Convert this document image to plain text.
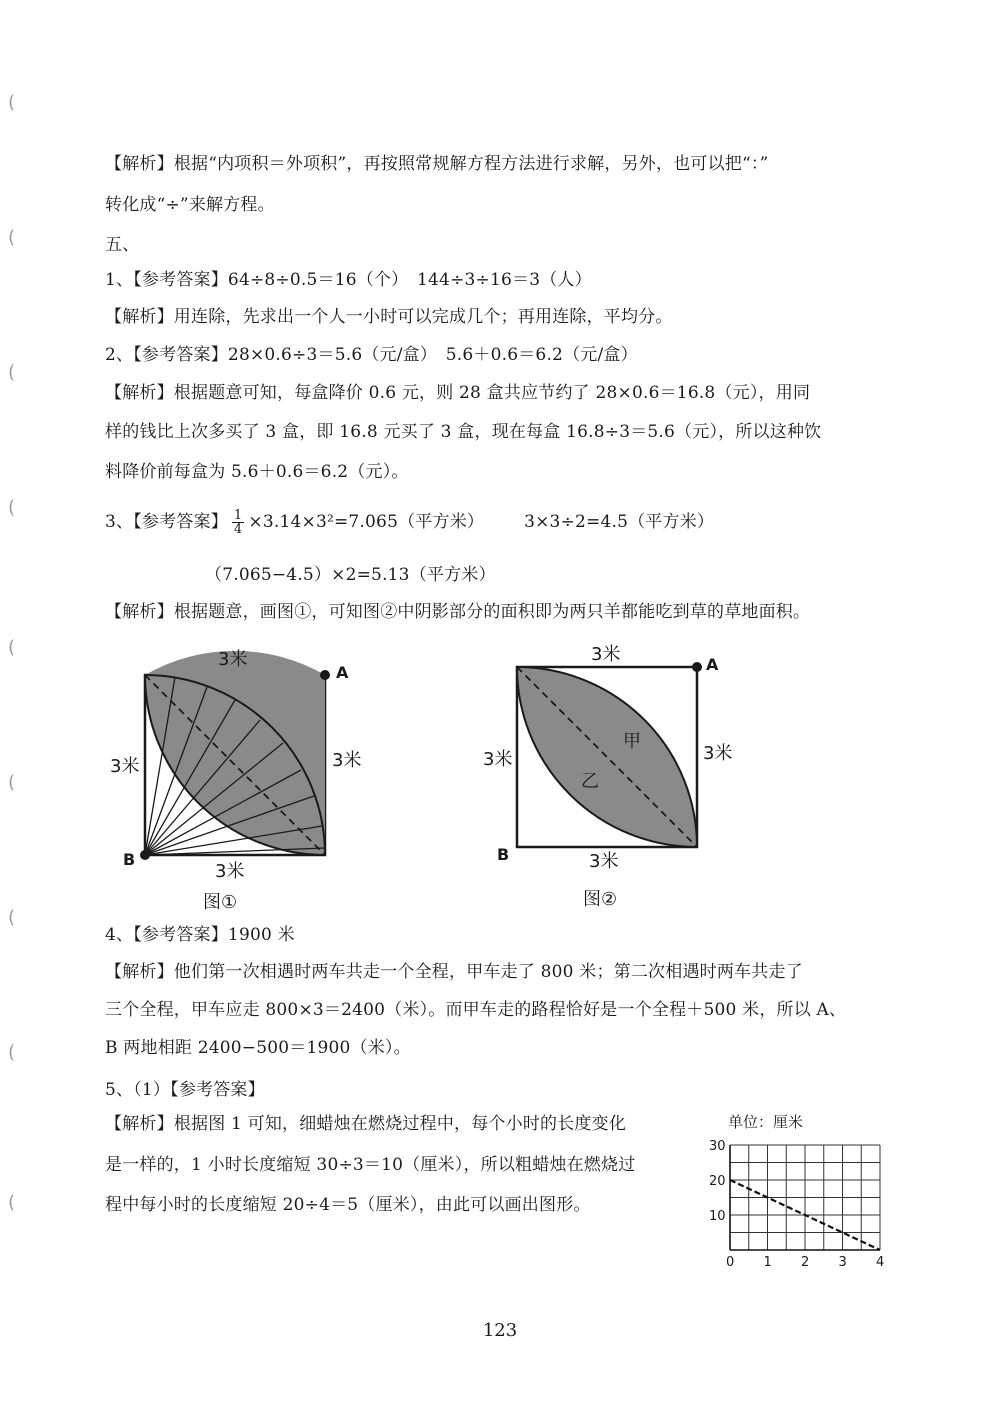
(
(
(
(
(
(
(
(
(
【解析】根据“内项积＝外项积”，再按照常规解方程方法进行求解，另外，也可以把“：”
转化成“÷”来解方程。
五、
1、【参考答案】64÷8÷0.5＝16（个）　144÷3÷16＝3（人）
【解析】用连除，先求出一个人一小时可以完成几个；再用连除，平均分。
2、【参考答案】28×0.6÷3＝5.6（元/盒）　5.6＋0.6＝6.2（元/盒）
【解析】根据题意可知，每盒降价 0.6 元，则 28 盒共应节约了 28×0.6＝16.8（元），用同
样的钱比上次多买了 3 盒，即 16.8 元买了 3 盒，现在每盒 16.8÷3＝5.6（元），所以这种饮
料降价前每盒为 5.6＋0.6＝6.2（元）。
3、【参考答案】 $\frac{1}{4} \times 3.14\times 3^2=7.065$（平方米） 3×3÷2=4.5（平方米）
（7.065−4.5）×2=5.13（平方米）
【解析】根据题意，画图①，可知图②中阴影部分的面积即为两只羊都能吃到草的草地面积。
3米
A
3米	3米
B
3米
图①
3米	A
3米	3米
甲
乙
B	3米
图②
4、【参考答案】1900 米
【解析】他们第一次相遇时两车共走一个全程，甲车走了 800 米；第二次相遇时两车共走了
三个全程，甲车应走 800×3＝2400（米）。而甲车走的路程恰好是一个全程＋500 米，所以 A、
B 两地相距 2400−500＝1900（米）。
5、（1）【参考答案】
【解析】根据图 1 可知，细蜡烛在燃烧过程中，每个小时的长度变化
是一样的，1 小时长度缩短 30÷3＝10（厘米），所以粗蜡烛在燃烧过
程中每小时的长度缩短 20÷4＝5（厘米），由此可以画出图形。
单位：厘米
0 1 2 3 4
10
20
30
123
